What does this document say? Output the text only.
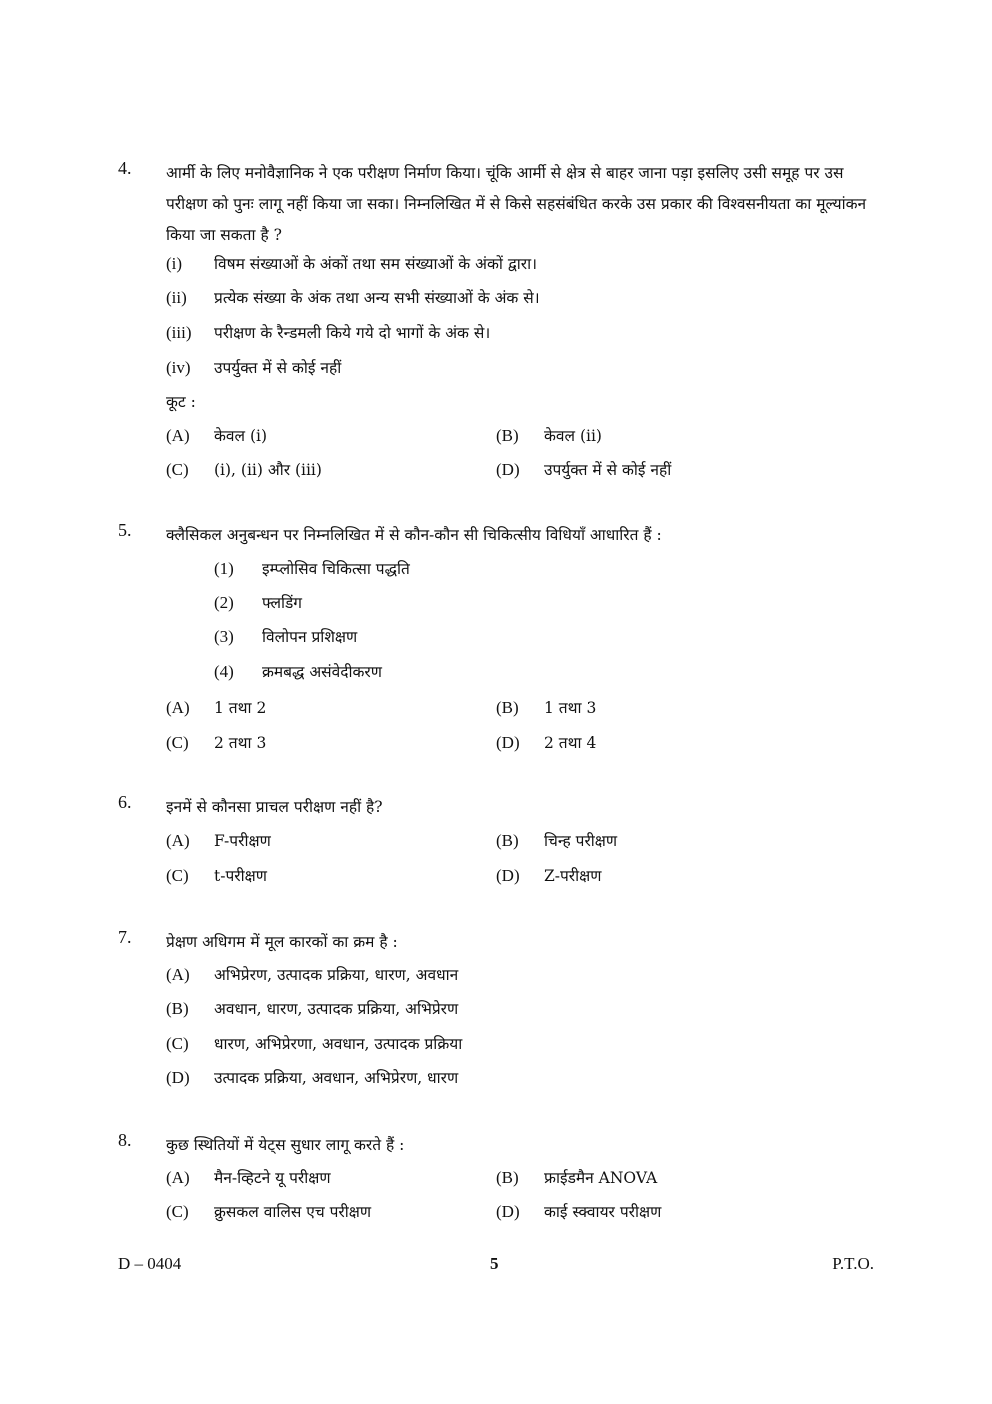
4.	आर्मी के लिए मनोवैज्ञानिक ने एक परीक्षण निर्माण किया। चूंकि आर्मी से क्षेत्र से बाहर जाना पड़ा इसलिए उसी समूह पर उस परीक्षण को पुनः लागू नहीं किया जा सका। निम्नलिखित में से किसे सहसंबंधित करके उस प्रकार की विश्वसनीयता का मूल्यांकन किया जा सकता है ?
(i)	विषम संख्याओं के अंकों तथा सम संख्याओं के अंकों द्वारा।
(ii)	प्रत्येक संख्या के अंक तथा अन्य सभी संख्याओं के अंक से।
(iii)	परीक्षण के रैन्डमली किये गये दो भागों के अंक से।
(iv)	उपर्युक्त में से कोई नहीं
कूट :
(A)	केवल (i)	(B)	केवल (ii)
(C)	(i), (ii) और (iii)	(D)	उपर्युक्त में से कोई नहीं
5.	क्लैसिकल अनुबन्धन पर निम्नलिखित में से कौन-कौन सी चिकित्सीय विधियाँ आधारित हैं :
(1)	इम्प्लोसिव चिकित्सा पद्धति
(2)	फ्लडिंग
(3)	विलोपन प्रशिक्षण
(4)	क्रमबद्ध असंवेदीकरण
(A)	1 तथा 2	(B)	1 तथा 3
(C)	2 तथा 3	(D)	2 तथा 4
6.	इनमें से कौनसा प्राचल परीक्षण नहीं है?
(A)	F-परीक्षण	(B)	चिन्ह परीक्षण
(C)	t-परीक्षण	(D)	Z-परीक्षण
7.	प्रेक्षण अधिगम में मूल कारकों का क्रम है :
(A)	अभिप्रेरण, उत्पादक प्रक्रिया, धारण, अवधान
(B)	अवधान, धारण, उत्पादक प्रक्रिया, अभिप्रेरण
(C)	धारण, अभिप्रेरणा, अवधान, उत्पादक प्रक्रिया
(D)	उत्पादक प्रक्रिया, अवधान, अभिप्रेरण, धारण
8.	कुछ स्थितियों में येट्स सुधार लागू करते हैं :
(A)	मैन-व्हिटने यू परीक्षण	(B)	फ्राईडमैन ANOVA
(C)	क्रुसकल वालिस एच परीक्षण	(D)	काई स्क्वायर परीक्षण
D – 0404	5	P.T.O.
